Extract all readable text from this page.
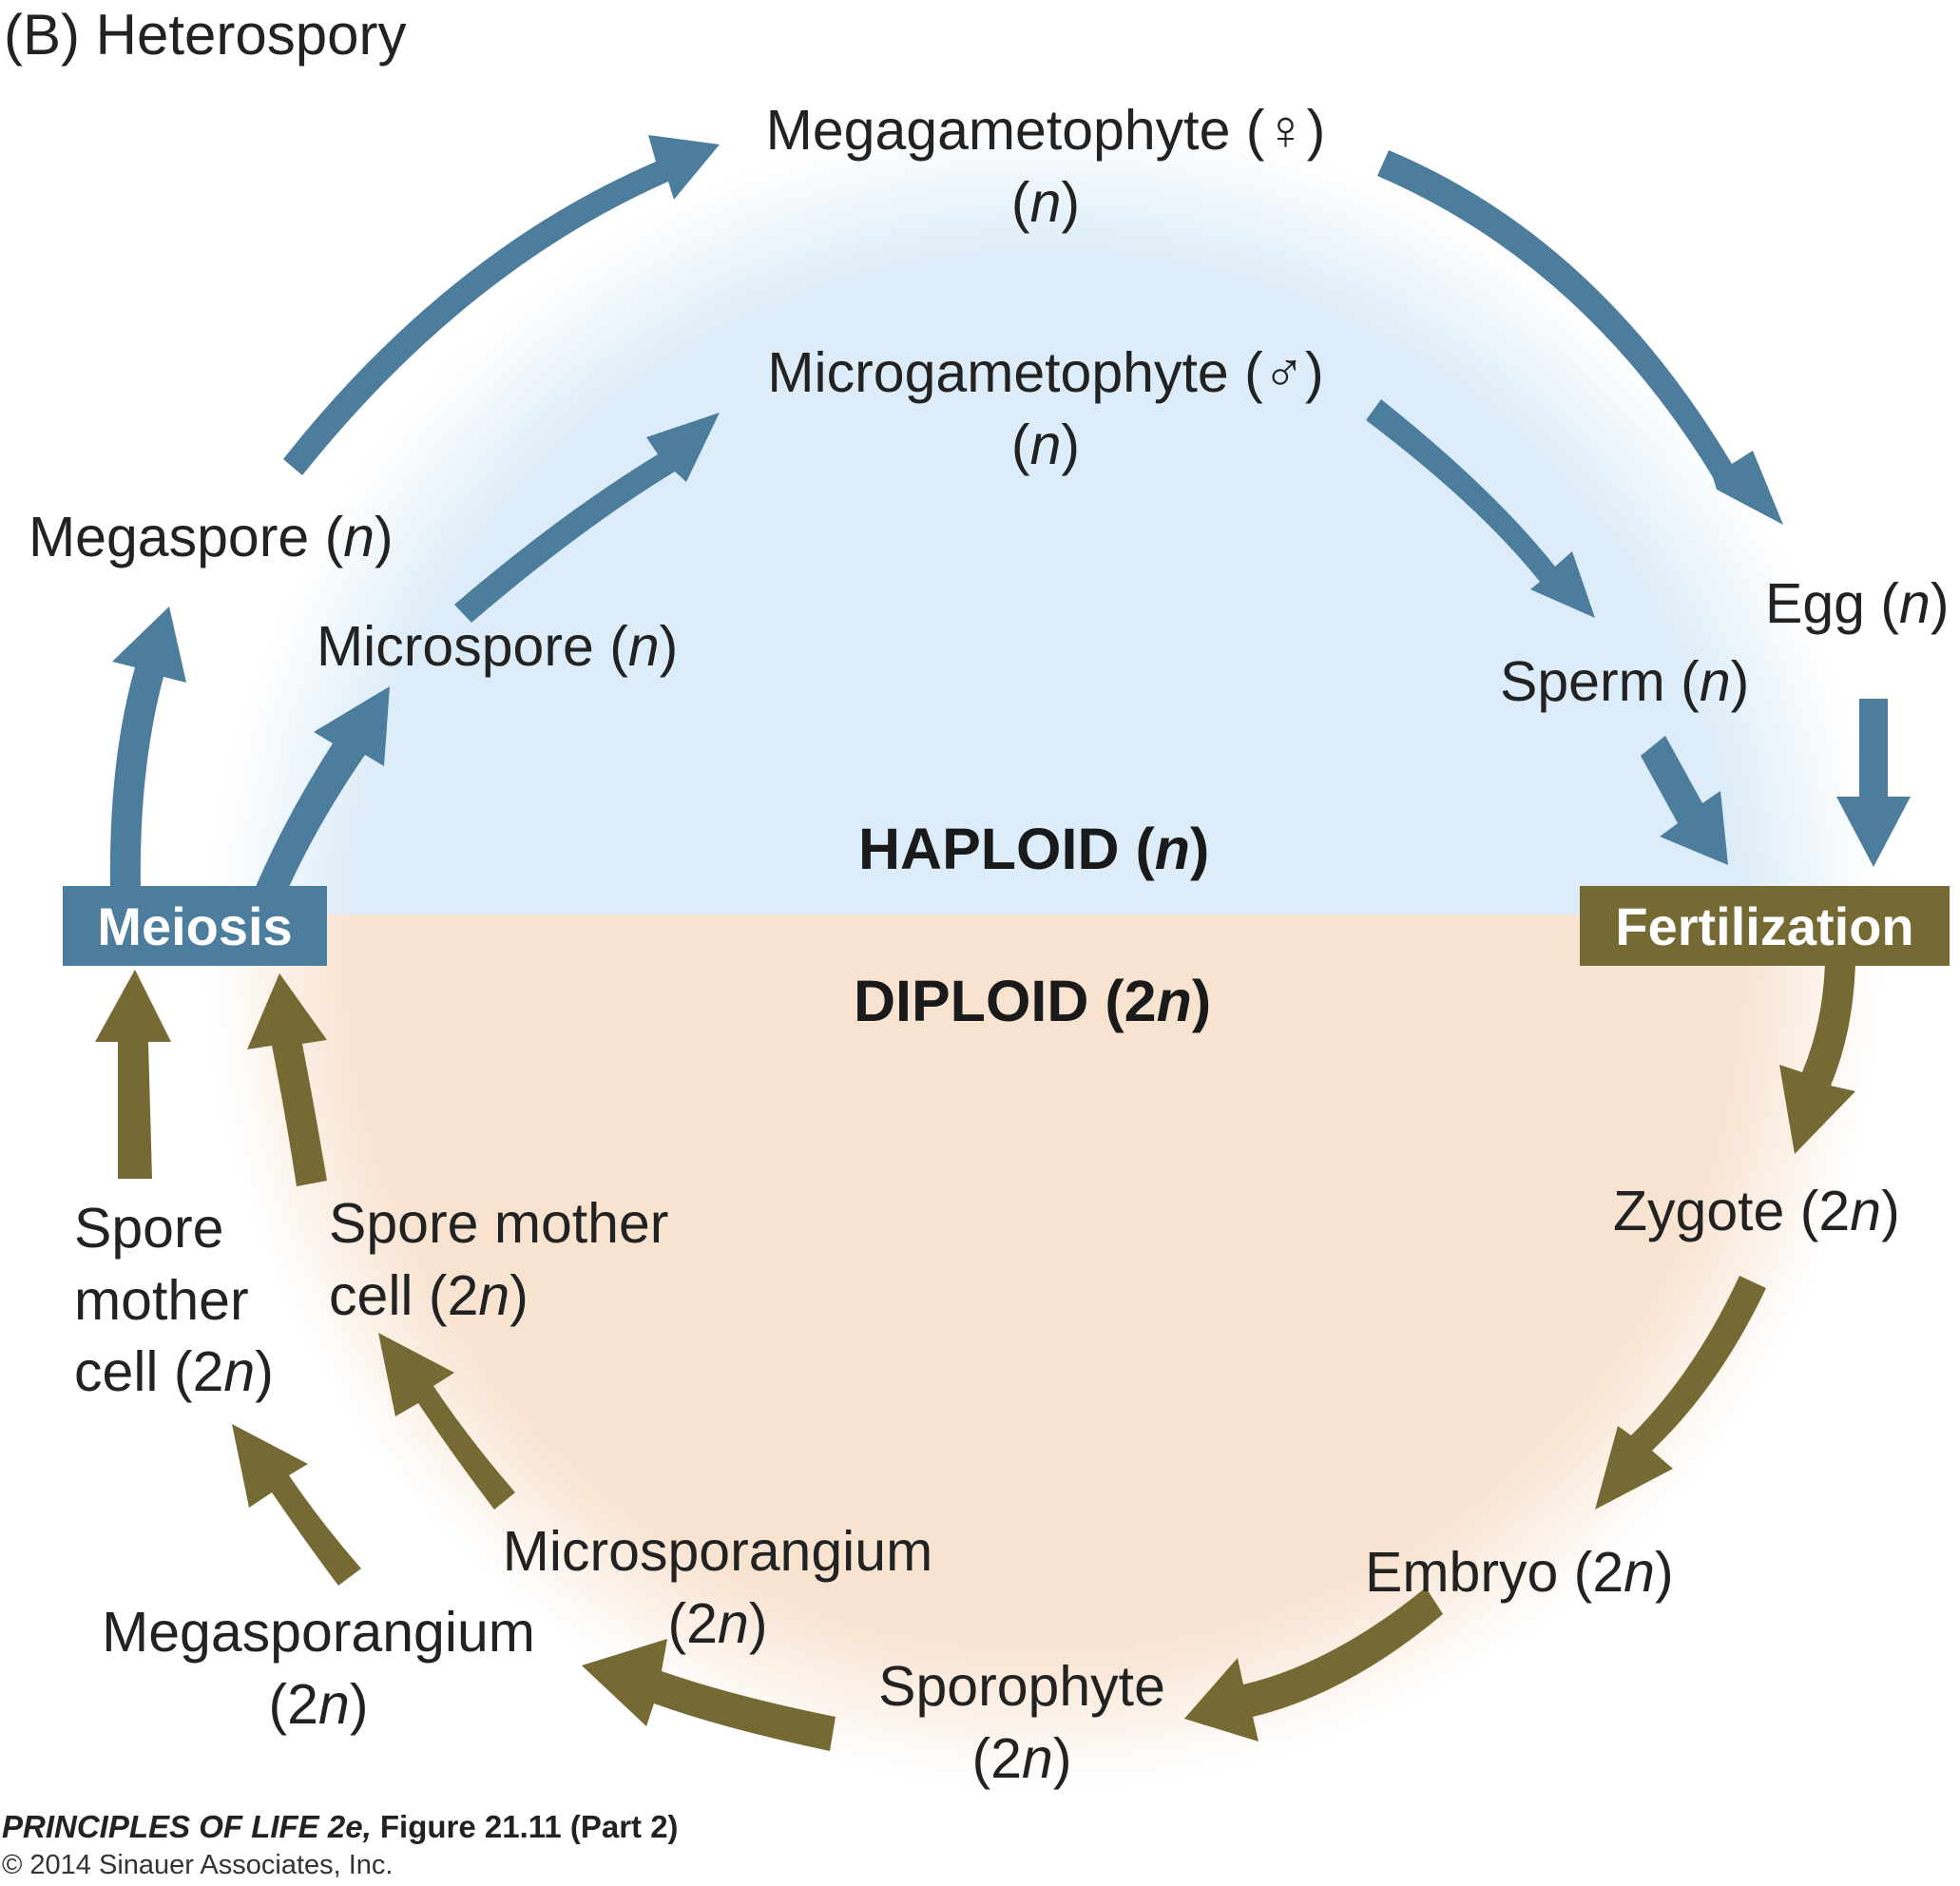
(B) Heterospory
Meiosis	Fertilization
HAPLOID (n)
DIPLOID (2n)
Megagametophyte (♀)
(n)
Microgametophyte (♂)
(n)
Megaspore (n)
Microspore (n)
Egg (n)
Sperm (n)
Zygote (2n)
Embryo (2n)
Sporophyte
(2n)
Microsporangium
(2n)
Megasporangium
(2n)
Spore mother
cell (2n)
Spore
mother
cell (2n)
PRINCIPLES OF LIFE 2e, Figure 21.11 (Part 2)
© 2014 Sinauer Associates, Inc.
